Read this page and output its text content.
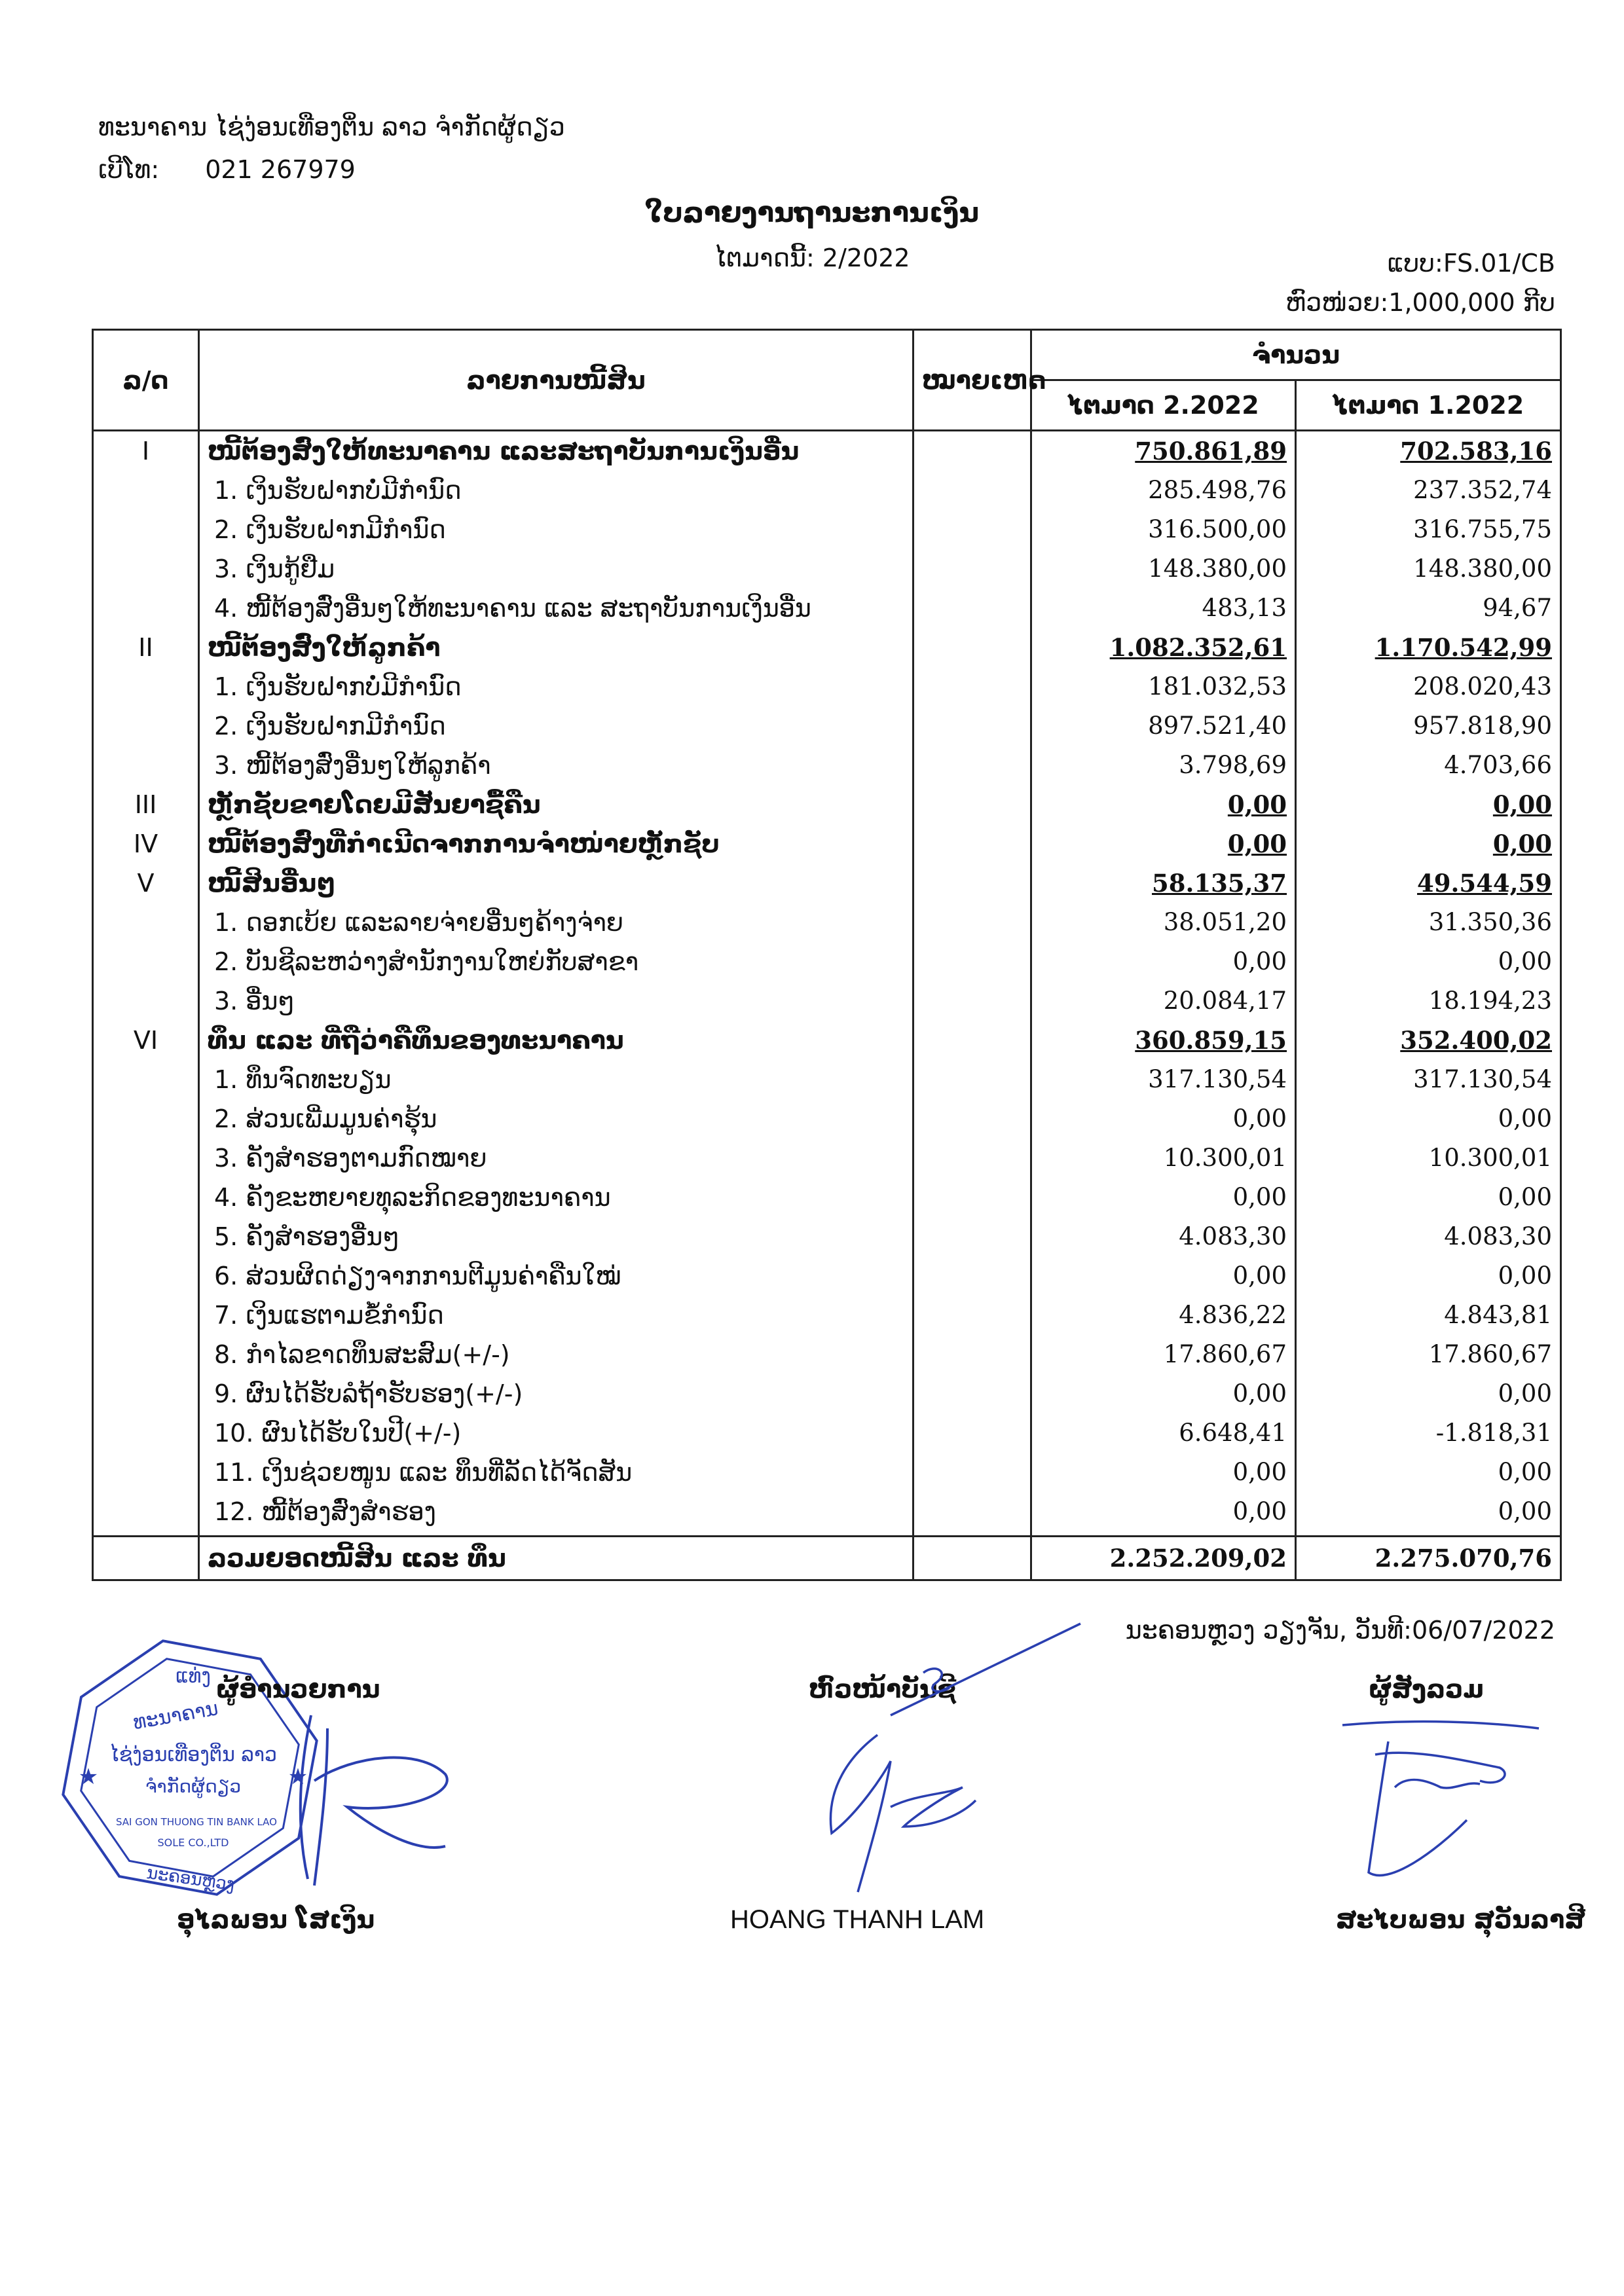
ທະນາຄານ ໄຊ່ງ່ອນເທືອງຕິ່ນ ລາວ ຈຳກັດຜູ້ດຽວ
ເບີໂທ: 021 267979
ໃບລາຍງານຖານະການເງິນ
ໄຕມາດນີ້: 2/2022	ແບບ:FS.01/CB
ຫົວໜ່ວຍ:1,000,000 ກີບ
ລ/ດ	ລາຍການໜີ້ສິນ	ໝາຍເຫດ	ຈຳນວນ	
			ໄຕມາດ 2.2022	ໄຕມາດ 1.2022
I	ໜີ້ຕ້ອງສົ່ງໃຫ້ທະນາຄານ ແລະສະຖາບັນການເງິນອື່ນ		750.861,89	702.583,16
	1. ເງິນຮັບຝາກບໍ່ມີກຳນົດ		285.498,76	237.352,74
	2. ເງິນຮັບຝາກມີກຳນົດ		316.500,00	316.755,75
	3. ເງິນກູ້ຢືມ		148.380,00	148.380,00
	4. ໜີ້ຕ້ອງສົ່ງອື່ນໆໃຫ້ທະນາຄານ ແລະ ສະຖາບັນການເງິນອື່ນ		483,13	94,67
II	ໜີ້ຕ້ອງສົ່ງໃຫ້ລູກຄ້າ		1.082.352,61	1.170.542,99
	1. ເງິນຮັບຝາກບໍ່ມີກຳນົດ		181.032,53	208.020,43
	2. ເງິນຮັບຝາກມີກຳນົດ		897.521,40	957.818,90
	3. ໜີ້ຕ້ອງສົ່ງອື່ນໆໃຫ້ລູກຄ້າ		3.798,69	4.703,66
III	ຫຼັກຊັບຂາຍໂດຍມີສັນຍາຊື້ຄືນ		0,00	0,00
IV	ໜີ້ຕ້ອງສົ່ງທີ່ກຳເນີດຈາກການຈຳໜ່າຍຫຼັກຊັບ		0,00	0,00
V	ໜີ້ສິນອື່ນໆ		58.135,37	49.544,59
	1. ດອກເບ້ຍ ແລະລາຍຈ່າຍອື່ນໆຄ້າງຈ່າຍ		38.051,20	31.350,36
	2. ບັນຊີລະຫວ່າງສຳນັກງານໃຫຍ່ກັບສາຂາ		0,00	0,00
	3. ອື່ນໆ		20.084,17	18.194,23
VI	ທຶນ ແລະ ທີ່ຖືວ່າຄືທຶນຂອງທະນາຄານ		360.859,15	352.400,02
	1. ທຶນຈົດທະບຽນ		317.130,54	317.130,54
	2. ສ່ວນເພີ່ມມູນຄ່າຮຸ້ນ		0,00	0,00
	3. ຄັງສຳຮອງຕາມກົດໝາຍ		10.300,01	10.300,01
	4. ຄັງຂະຫຍາຍທຸລະກິດຂອງທະນາຄານ		0,00	0,00
	5. ຄັງສຳຮອງອື່ນໆ		4.083,30	4.083,30
	6. ສ່ວນຜິດດ່ຽງຈາກການຕີມູນຄ່າຄືນໃໝ່		0,00	0,00
	7. ເງິນແຮຕາມຂໍ້ກຳນົດ		4.836,22	4.843,81
	8. ກຳໄລຂາດທຶນສະສົມ(+/-)		17.860,67	17.860,67
	9. ຜົນໄດ້ຮັບລໍຖ້າຮັບຮອງ(+/-)		0,00	0,00
	10. ຜົນໄດ້ຮັບໃນປີ(+/-)		6.648,41	-1.818,31
	11. ເງິນຊ່ວຍໜູນ ແລະ ທຶນທີ່ລັດໄດ້ຈັດສັນ		0,00	0,00
	12. ໜີ້ຕ້ອງສົ່ງສຳຮອງ		0,00	0,00
	ລວມຍອດໜີ້ສິນ ແລະ ທຶນ		2.252.209,02	2.275.070,76
ນະຄອນຫຼວງ ວຽງຈັນ, ວັນທີ:06/07/2022
ແທ່ງ
ທະນາຄານ
ໄຊ່ງ່ອນເທືອງຕິ່ນ ລາວ
ຈຳກັດຜູ້ດຽວ
SAI GON THUONG TIN BANK LAO
SOLE CO.,LTD
ນະຄອນຫຼວງ
★	★
ຜູ້ອຳນວຍການ	ຫົວໜ້າບັນຊີ	ຜູ້ສັງລວມ
ອຸໄລພອນ ໂສເງິນ	HOANG THANH LAM	ສະໄບພອນ ສຸວັນລາສີ
